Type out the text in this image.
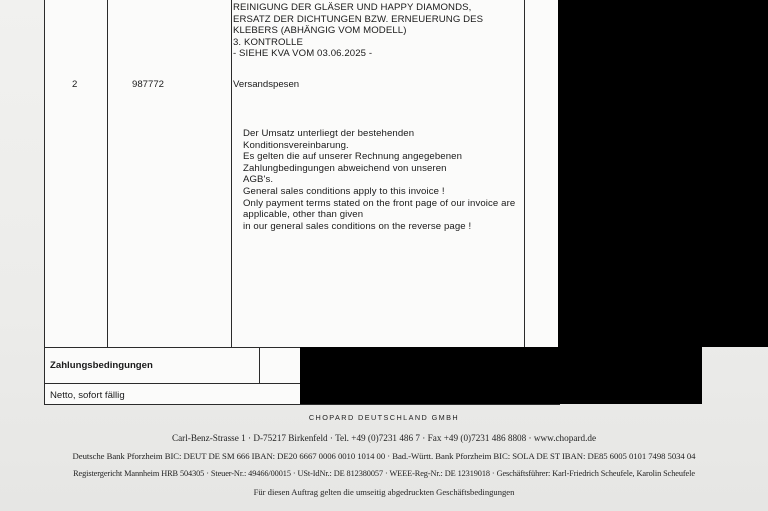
REINIGUNG DER GLÄSER UND HAPPY DIAMONDS,
ERSATZ DER DICHTUNGEN BZW. ERNEUERUNG DES
KLEBERS (ABHÄNGIG VOM MODELL)
3. KONTROLLE
- SIEHE KVA VOM 03.06.2025 -
2	987772	Versandspesen
Der Umsatz unterliegt der bestehenden
Konditionsvereinbarung.
Es gelten die auf unserer Rechnung angegebenen
Zahlungbedingungen abweichend von unseren
AGB's.
General sales conditions apply to this invoice !
Only payment terms stated on the front page of our invoice are
applicable, other than given
in our general sales conditions on the reverse page !
Zahlungsbedingungen
Netto, sofort fällig
CHOPARD DEUTSCHLAND GMBH
Carl-Benz-Strasse 1 · D-75217 Birkenfeld · Tel. +49 (0)7231 486 7 · Fax +49 (0)7231 486 8808 · www.chopard.de
Deutsche Bank Pforzheim BIC: DEUT DE SM 666 IBAN: DE20 6667 0006 0010 1014 00 · Bad.-Württ. Bank Pforzheim BIC: SOLA DE ST IBAN: DE85 6005 0101 7498 5034 04
Registergericht Mannheim HRB 504305 · Steuer-Nr.: 49466/00015 · USt-IdNr.: DE 812380057 · WEEE-Reg-Nr.: DE 12319018 · Geschäftsführer: Karl-Friedrich Scheufele, Karolin Scheufele
Für diesen Auftrag gelten die umseitig abgedruckten Geschäftsbedingungen
